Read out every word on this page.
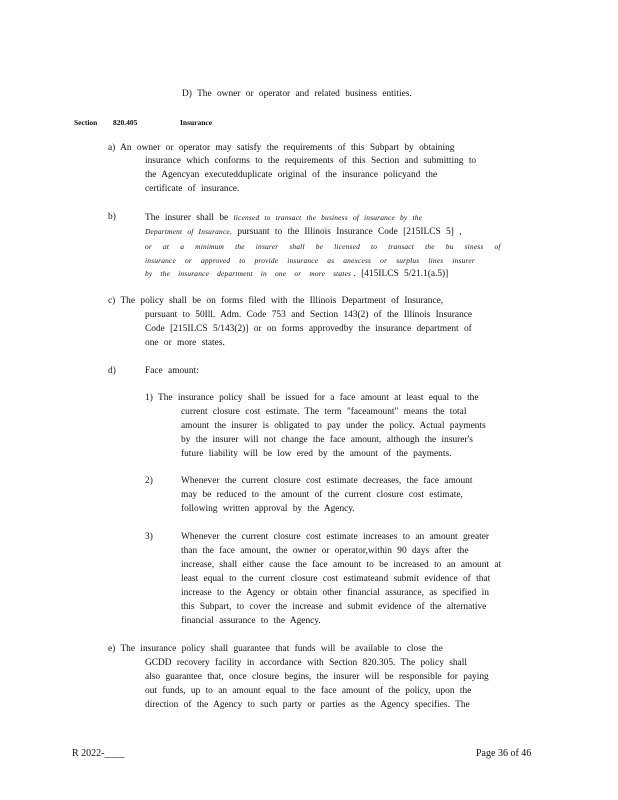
D) The owner or operator and related business entities.
Section 820.405	Insurance
a) An owner or operator may satisfy the requirements of this Subpart by obtaining
insurance which conforms to the requirements of this Section and submitting to
the Agencyan executedduplicate original of the insurance policyand the
certificate of insurance.
b)	The insurer shall be licensed to transact the business of insurance by the
Department of Insurance, pursuant to the Illinois Insurance Code [215ILCS 5] ,
or at a minimum the insurer shall be licensed to transact the bu siness of
insurance or approved to provide insurance as anexcess or surplus lines insurer
by the insurance department in one or more states . [415ILCS 5/21.1(a.5)]
c) The policy shall be on forms filed with the Illinois Department of Insurance,
pursuant to 50Ill. Adm. Code 753 and Section 143(2) of the Illinois Insurance
Code [215ILCS 5/143(2)] or on forms approvedby the insurance department of
one or more states.
d)	Face amount:
1) The insurance policy shall be issued for a face amount at least equal to the
current closure cost estimate. The term "faceamount" means the total
amount the insurer is obligated to pay under the policy. Actual payments
by the insurer will not change the face amount, although the insurer's
future liability will be low ered by the amount of the payments.
2)	Whenever the current closure cost estimate decreases, the face amount
may be reduced to the amount of the current closure cost estimate,
following written approval by the Agency.
3)	Whenever the current closure cost estimate increases to an amount greater
than the face amount, the owner or operator,within 90 days after the
increase, shall either cause the face amount to be increased to an amount at
least equal to the current closure cost estimateand submit evidence of that
increase to the Agency or obtain other financial assurance, as specified in
this Subpart, to cover the increase and submit evidence of the alternative
financial assurance to the Agency.
e) The insurance policy shall guarantee that funds will be available to close the
GCDD recovery facility in accordance with Section 820.305. The policy shall
also guarantee that, once closure begins, the insurer will be responsible for paying
out funds, up to an amount equal to the face amount of the policy, upon the
direction of the Agency to such party or parties as the Agency specifies. The
R 2022-____	Page 36 of 46
